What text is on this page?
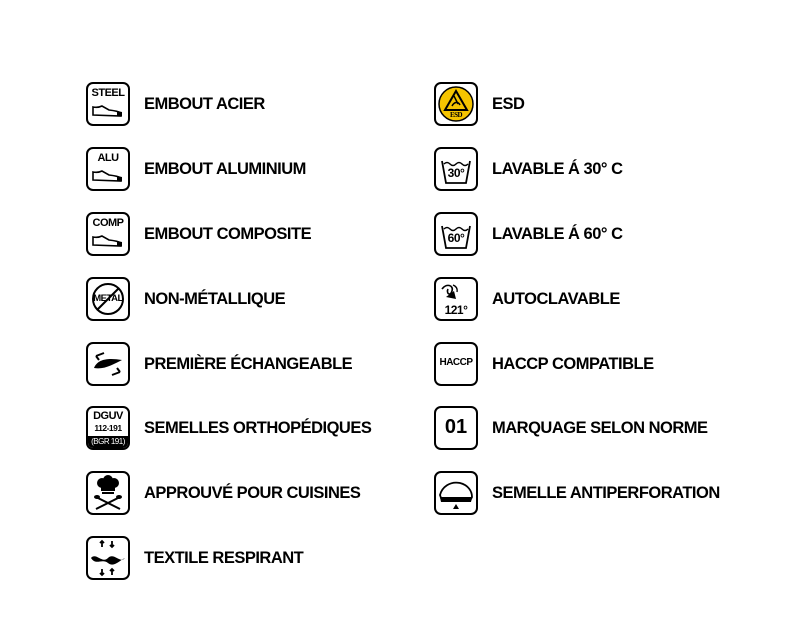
STEEL
EMBOUT ACIER
ALU
EMBOUT ALUMINIUM
COMP
EMBOUT COMPOSITE
METAL	NON-MÉTALLIQUE
PREMIÈRE ÉCHANGEABLE
DGUV
112-191
(BGR 191)
SEMELLES ORTHOPÉDIQUES
APPROUVÉ POUR CUISINES
TEXTILE RESPIRANT
ESD
ESD
30°	LAVABLE Á 30° C
60°	LAVABLE Á 60° C
121°
AUTOCLAVABLE
HACCP HACCP COMPATIBLE
01	MARQUAGE SELON NORME
SEMELLE ANTIPERFORATION
